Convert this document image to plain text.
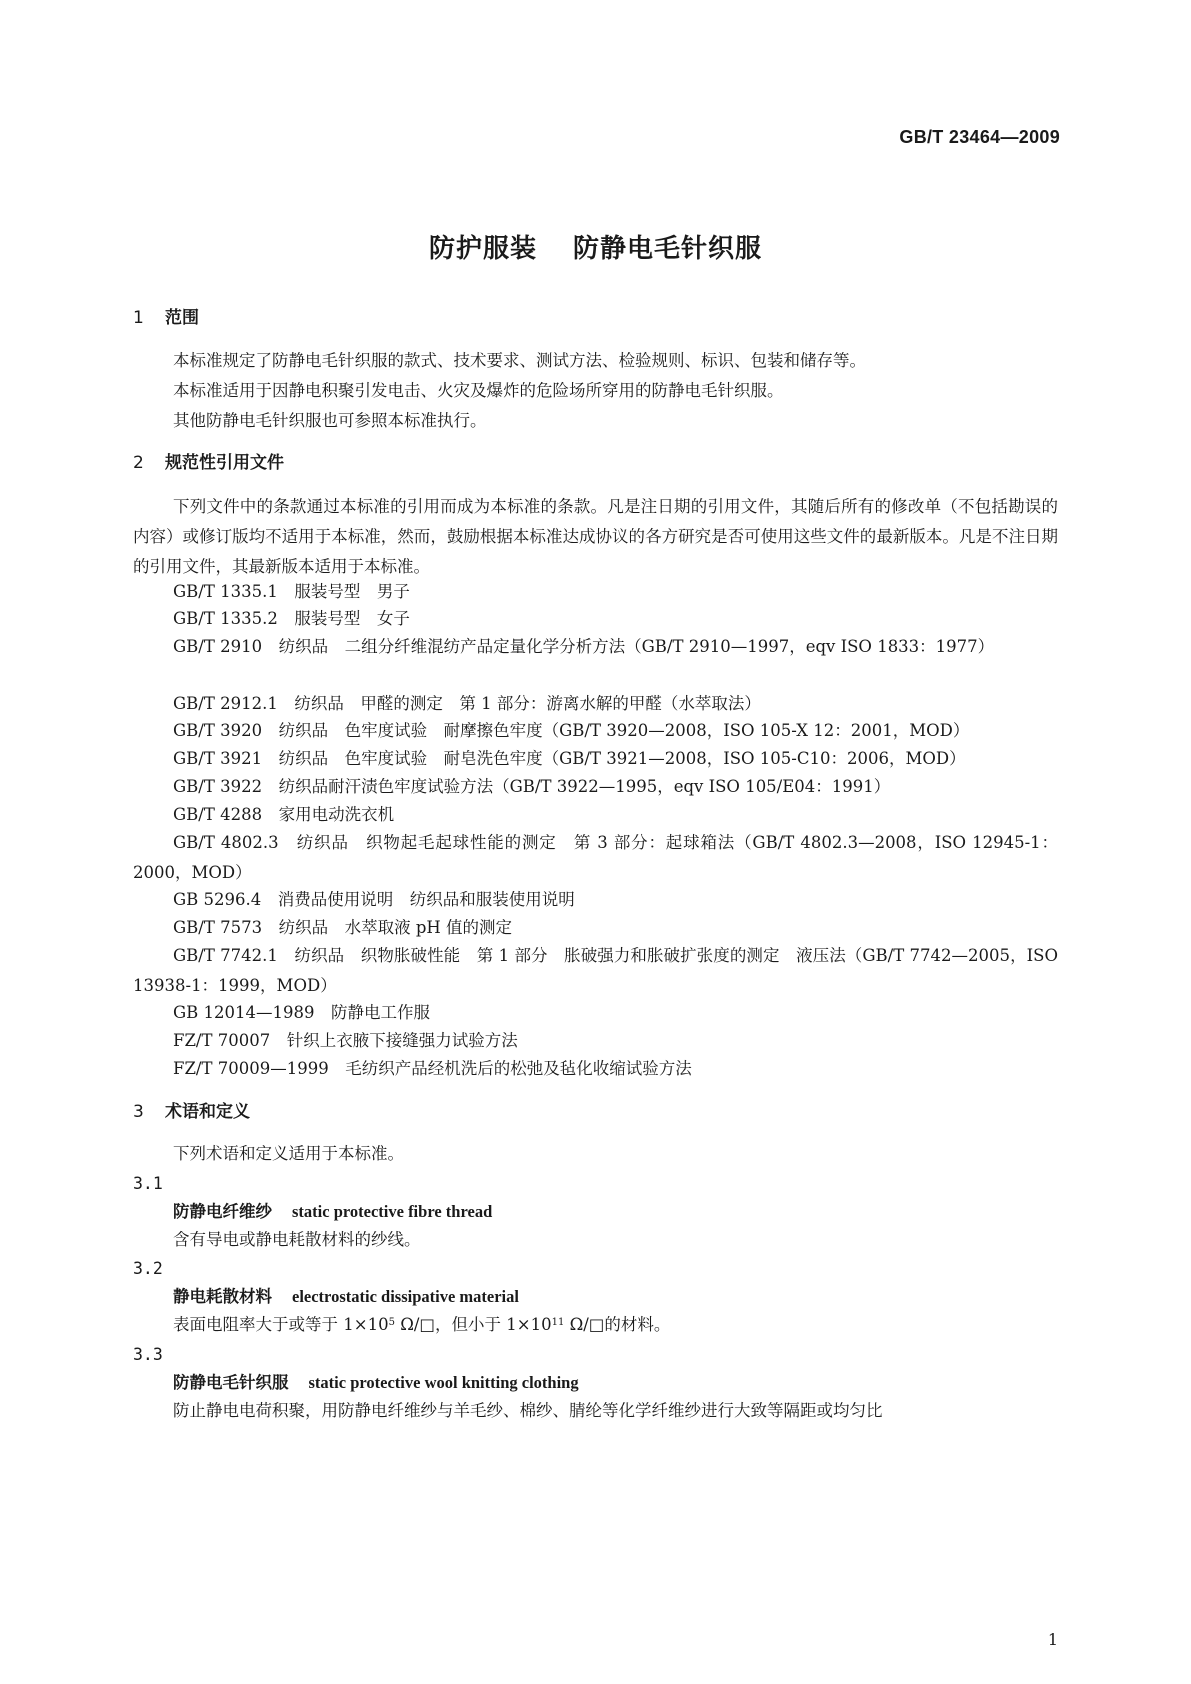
GB/T 23464—2009
防护服装 防静电毛针织服
1 范围
本标准规定了防静电毛针织服的款式、技术要求、测试方法、检验规则、标识、包装和储存等。
本标准适用于因静电积聚引发电击、火灾及爆炸的危险场所穿用的防静电毛针织服。
其他防静电毛针织服也可参照本标准执行。
2 规范性引用文件
下列文件中的条款通过本标准的引用而成为本标准的条款。凡是注日期的引用文件，其随后所有的修改单（不包括勘误的内容）或修订版均不适用于本标准，然而，鼓励根据本标准达成协议的各方研究是否可使用这些文件的最新版本。凡是不注日期的引用文件，其最新版本适用于本标准。
GB/T 1335.1　服装号型　男子
GB/T 1335.2　服装号型　女子
GB/T 2910　纺织品　二组分纤维混纺产品定量化学分析方法（GB/T 2910—1997，eqv ISO 1833：1977）
GB/T 2912.1　纺织品　甲醛的测定　第 1 部分：游离水解的甲醛（水萃取法）
GB/T 3920　纺织品　色牢度试验　耐摩擦色牢度（GB/T 3920—2008，ISO 105-X 12：2001，MOD）
GB/T 3921　纺织品　色牢度试验　耐皂洗色牢度（GB/T 3921—2008，ISO 105-C10：2006，MOD）
GB/T 3922　纺织品耐汗渍色牢度试验方法（GB/T 3922—1995，eqv ISO 105/E04：1991）
GB/T 4288　家用电动洗衣机
GB/T 4802.3　纺织品　织物起毛起球性能的测定　第 3 部分：起球箱法（GB/T 4802.3—2008，ISO 12945-1：2000，MOD）
GB 5296.4　消费品使用说明　纺织品和服装使用说明
GB/T 7573　纺织品　水萃取液 pH 值的测定
GB/T 7742.1　纺织品　织物胀破性能　第 1 部分　胀破强力和胀破扩张度的测定　液压法（GB/T 7742—2005，ISO 13938-1：1999，MOD）
GB 12014—1989　防静电工作服
FZ/T 70007　针织上衣腋下接缝强力试验方法
FZ/T 70009—1999　毛纺织产品经机洗后的松弛及毡化收缩试验方法
3 术语和定义
下列术语和定义适用于本标准。
3.1
防静电纤维纱 static protective fibre thread
含有导电或静电耗散材料的纱线。
3.2
静电耗散材料 electrostatic dissipative material
表面电阻率大于或等于 $1\times 10^5$ Ω/□，但小于 $1\times 10^{11}$ Ω/□的材料。
3.3
防静电毛针织服 static protective wool knitting clothing
防止静电电荷积聚，用防静电纤维纱与羊毛纱、棉纱、腈纶等化学纤维纱进行大致等隔距或均匀比
1
